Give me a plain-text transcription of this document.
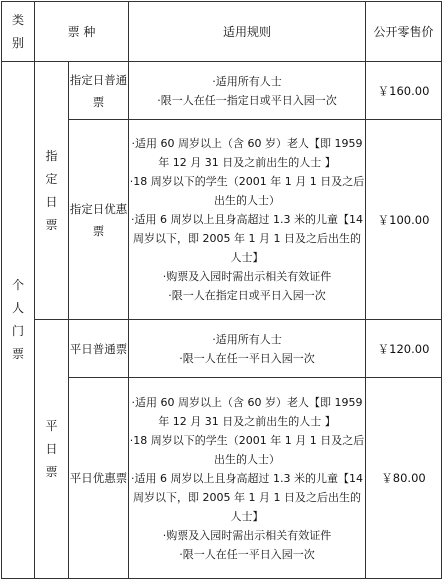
类别	票 种		适用规则	公开零售价
个人门票	指定日票	指定日普通票	·适用所有人士
·限一人在任一指定日或平日入园一次	￥160.00
		指定日优惠票	·适用 60 周岁以上（含 60 岁）老人【即 1959 年 12 月 31 日及之前出生的人士 】
·18 周岁以下的学生（2001 年 1 月 1 日及之后出生的人士）
·适用 6 周岁以上且身高超过 1.3 米的儿童【14 周岁以下，即 2005 年 1 月 1 日及之后出生的人士】
·购票及入园时需出示相关有效证件
·限一人在指定日或平日入园一次	￥100.00
	平日票	平日普通票	·适用所有人士
·限一人在任一平日入园一次	￥120.00
		平日优惠票	·适用 60 周岁以上（含 60 岁）老人【即 1959 年 12 月 31 日及之前出生的人士 】
·18 周岁以下的学生（2001 年 1 月 1 日及之后出生的人士）
·适用 6 周岁以上且身高超过 1.3 米的儿童【14 周岁以下，即 2005 年 1 月 1 日及之后出生的人士】
·购票及入园时需出示相关有效证件
·限一人在任一平日入园一次	￥80.00
